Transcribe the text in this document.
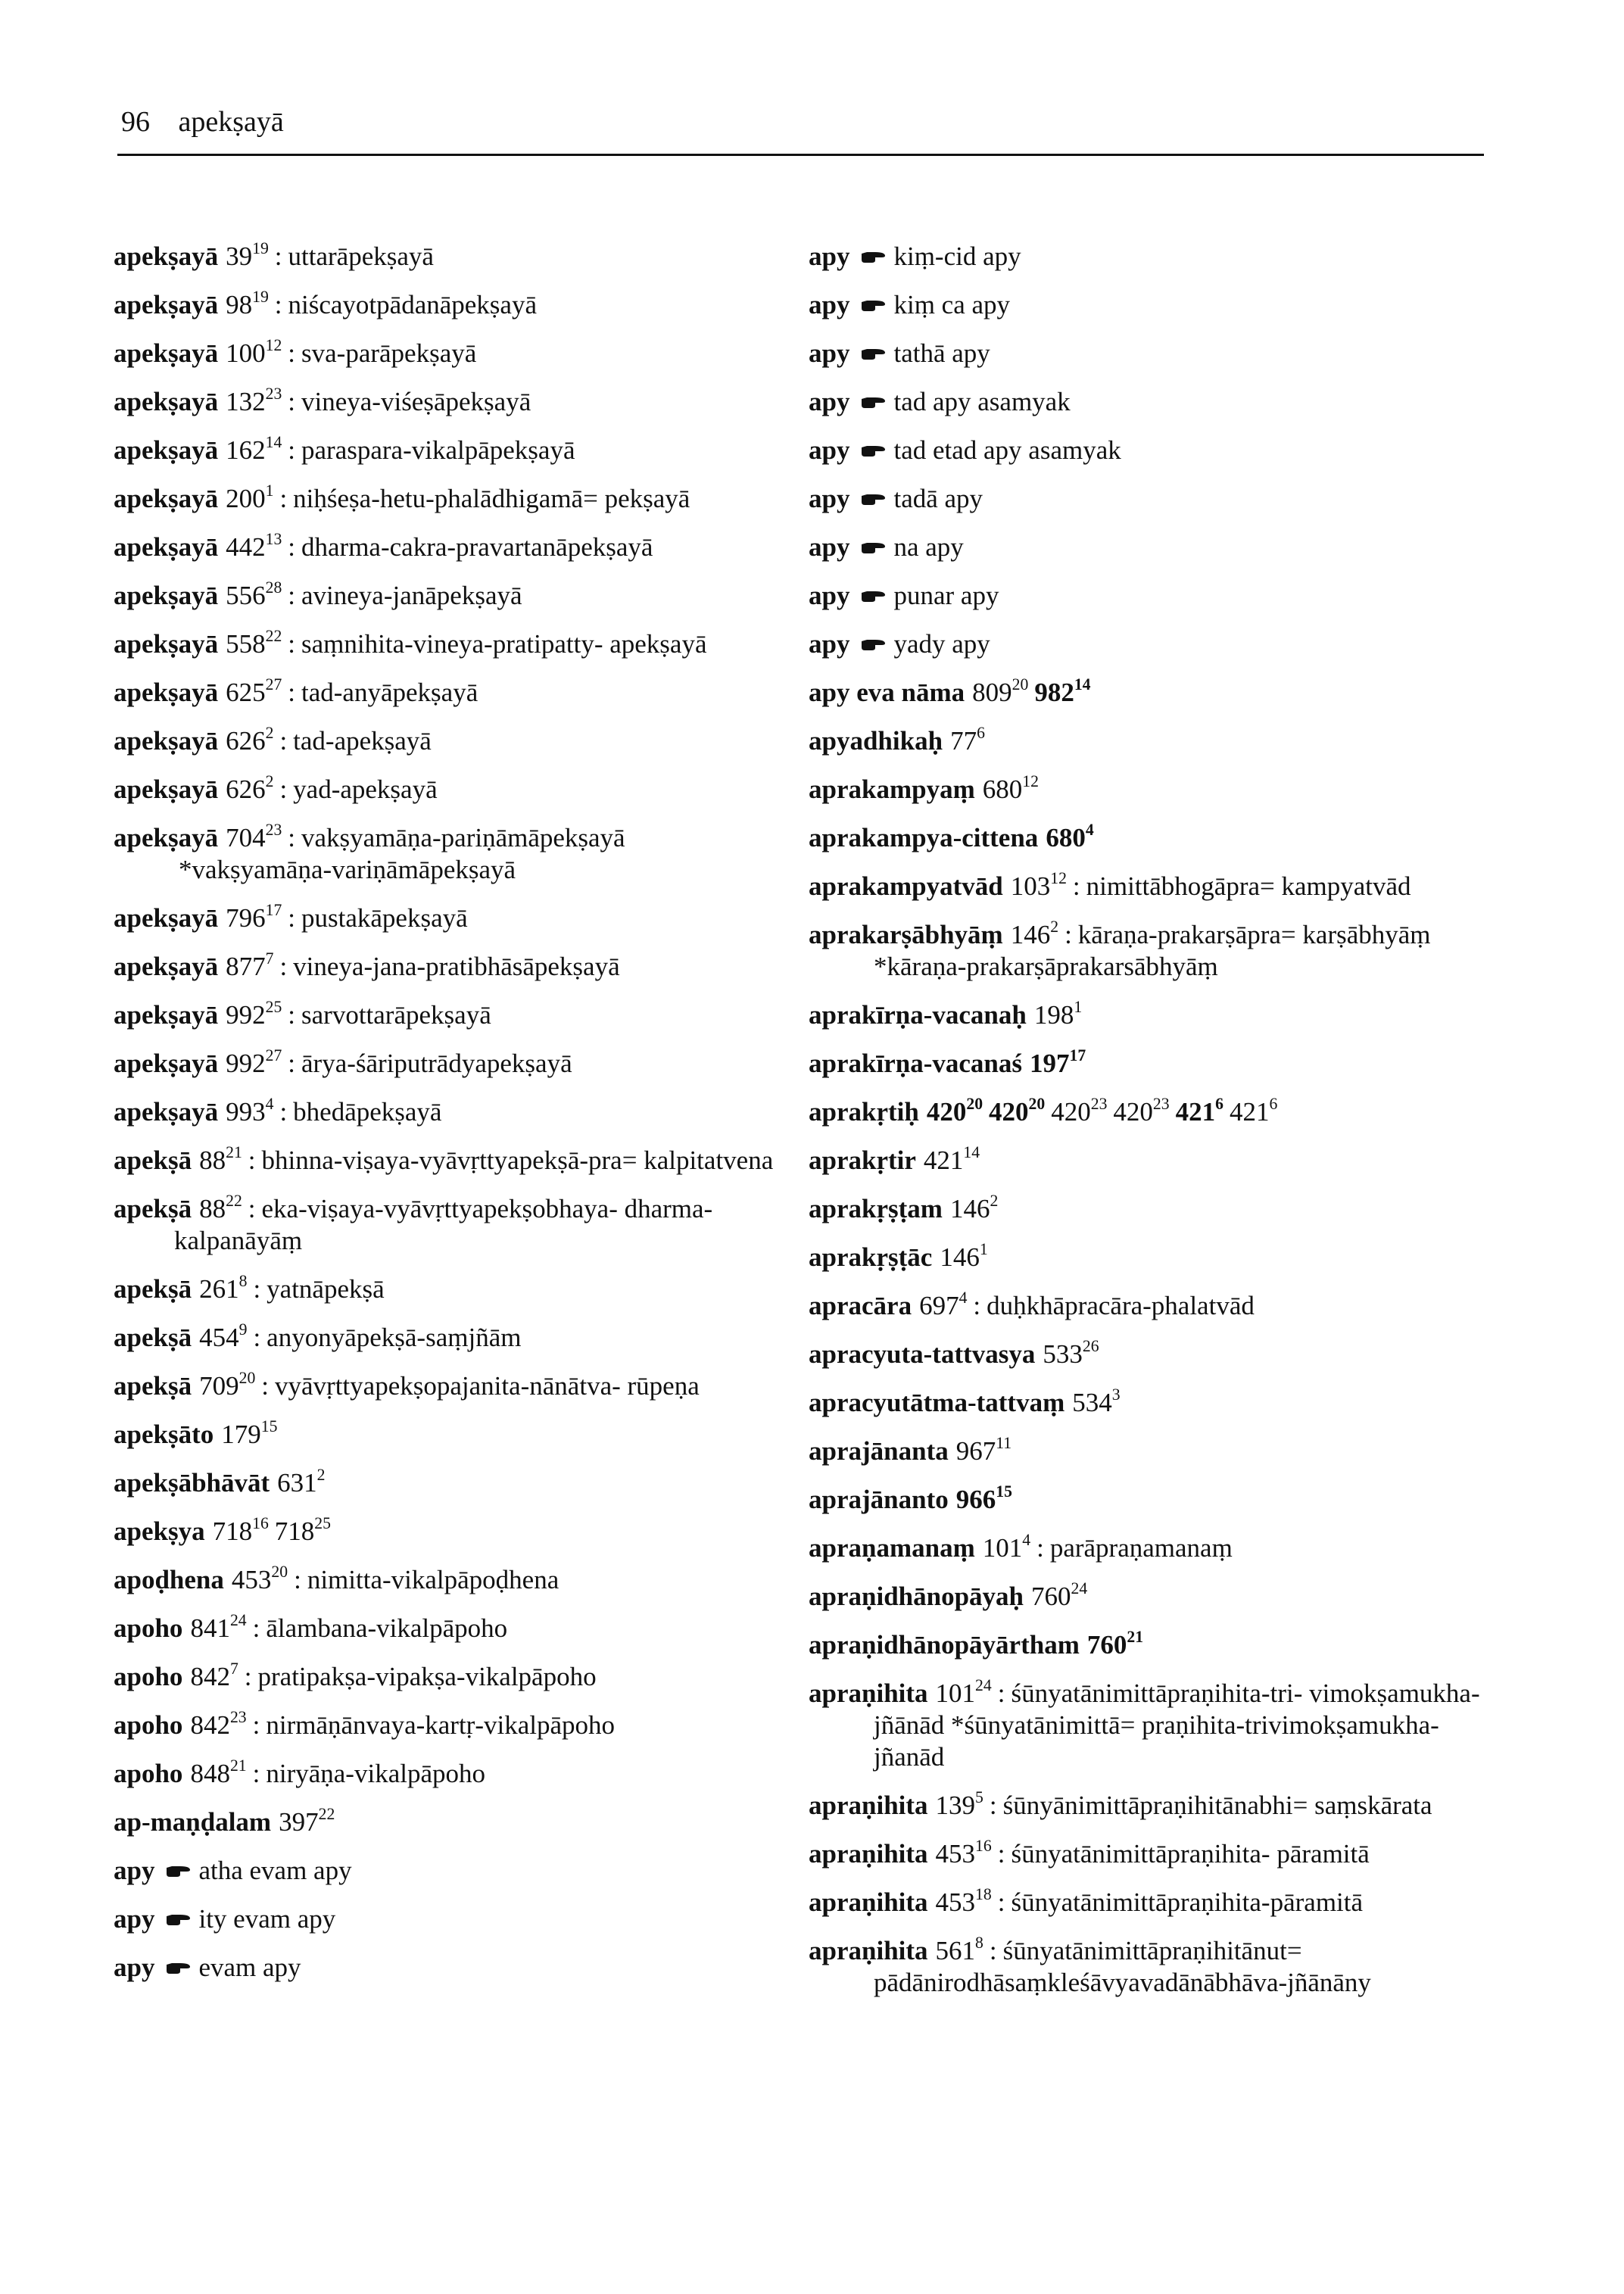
96 apekṣayā
apekṣayā $39^{19}$ : uttarāpekṣayā
apekṣayā $98^{19}$ : niścayotpādanāpekṣayā
apekṣayā $100^{12}$ : sva-parāpekṣayā
apekṣayā $132^{23}$ : vineya-viśeṣāpekṣayā
apekṣayā $162^{14}$ : paraspara-vikalpāpekṣayā
apekṣayā $200^1$ : niḥśeṣa-hetu-phalādhigamā= pekṣayā
apekṣayā $442^{13}$ : dharma-cakra-pravartanāpekṣayā
apekṣayā $556^{28}$ : avineya-janāpekṣayā
apekṣayā $558^{22}$ : saṃnihita-vineya-pratipatty- apekṣayā
apekṣayā $625^{27}$ : tad-anyāpekṣayā
apekṣayā $626^2$ : tad-apekṣayā
apekṣayā $626^2$ : yad-apekṣayā
apekṣayā $704^{23}$ : vakṣyamāṇa-pariṇāmāpekṣayā *vakṣyamāṇa-variṇāmāpekṣayā
apekṣayā $796^{17}$ : pustakāpekṣayā
apekṣayā $877^7$ : vineya-jana-pratibhāsāpekṣayā
apekṣayā $992^{25}$ : sarvottarāpekṣayā
apekṣayā $992^{27}$ : ārya-śāriputrādyapekṣayā
apekṣayā $993^4$ : bhedāpekṣayā
apekṣā $88^{21}$ : bhinna-viṣaya-vyāvṛttyapekṣā-pra= kalpitatvena
apekṣā $88^{22}$ : eka-viṣaya-vyāvṛttyapekṣobhaya- dharma-kalpanāyāṃ
apekṣā $261^8$ : yatnāpekṣā
apekṣā $454^9$ : anyonyāpekṣā-saṃjñām
apekṣā $709^{20}$ : vyāvṛttyapekṣopajanita-nānātva- rūpeṇa
apekṣāto $179^{15}$
apekṣābhāvāt $631^2$
apekṣya $718^{16}$ $718^{25}$
apoḍhena $453^{20}$ : nimitta-vikalpāpoḍhena
apoho $841^{24}$ : ālambana-vikalpāpoho
apoho $842^7$ : pratipakṣa-vipakṣa-vikalpāpoho
apoho $842^{23}$ : nirmāṇānvaya-kartṛ-vikalpāpoho
apoho $848^{21}$ : niryāṇa-vikalpāpoho
ap-maṇḍalam $397^{22}$
apy atha evam apy
apy ity evam apy
apy evam apy
apy kiṃ-cid apy
apy kiṃ ca apy
apy tathā apy
apy tad apy asamyak
apy tad etad apy asamyak
apy tadā apy
apy na apy
apy punar apy
apy yady apy
apy eva nāma $809^{20}$ $982^{14}$
apyadhikaḥ $77^6$
aprakampyaṃ $680^{12}$
aprakampya-cittena $680^4$
aprakampyatvād $103^{12}$ : nimittābhogāpra= kampyatvād
aprakarṣābhyāṃ $146^2$ : kāraṇa-prakarṣāpra= karṣābhyāṃ *kāraṇa-prakarṣāprakarsābhyāṃ
aprakīrṇa-vacanaḥ $198^1$
aprakīrṇa-vacanaś $197^{17}$
aprakṛtiḥ $420^{20}$ $420^{20}$ $420^{23}$ $420^{23}$ $421^6$ $421^6$
aprakṛtir $421^{14}$
aprakṛṣṭam $146^2$
aprakṛṣṭāc $146^1$
apracāra $697^4$ : duḥkhāpracāra-phalatvād
apracyuta-tattvasya $533^{26}$
apracyutātma-tattvaṃ $534^3$
aprajānanta $967^{11}$
aprajānanto $966^{15}$
apraṇamanaṃ $101^4$ : parāpraṇamanaṃ
apraṇidhānopāyaḥ $760^{24}$
apraṇidhānopāyārtham $760^{21}$
apraṇihita $101^{24}$ : śūnyatānimittāpraṇihita-tri- vimokṣamukha-jñānād *śūnyatānimittā= praṇihita-trivimokṣamukha-jñanād
apraṇihita $139^5$ : śūnyānimittāpraṇihitānabhi= saṃskārata
apraṇihita $453^{16}$ : śūnyatānimittāpraṇihita- pāramitā
apraṇihita $453^{18}$ : śūnyatānimittāpraṇihita-pāramitā
apraṇihita $561^8$ : śūnyatānimittāpraṇihitānut= pādānirodhāsaṃkleśāvyavadānābhāva-jñānāny
